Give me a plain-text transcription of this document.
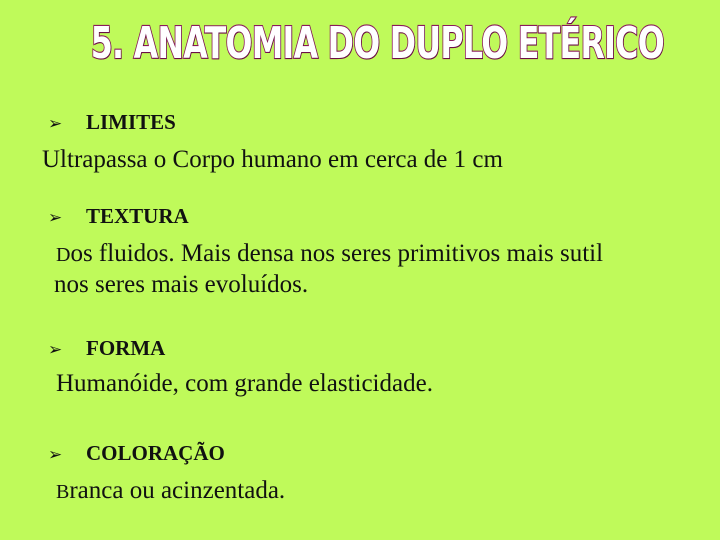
5. ANATOMIA DO DUPLO ETÉRICO
➢ LIMITES
Ultrapassa o Corpo humano em cerca de 1 cm
➢ TEXTURA
Dos fluidos. Mais densa nos seres primitivos mais sutil
nos seres mais evoluídos.
➢ FORMA
Humanóide, com grande elasticidade.
➢ COLORAÇÃO
Branca ou acinzentada.
